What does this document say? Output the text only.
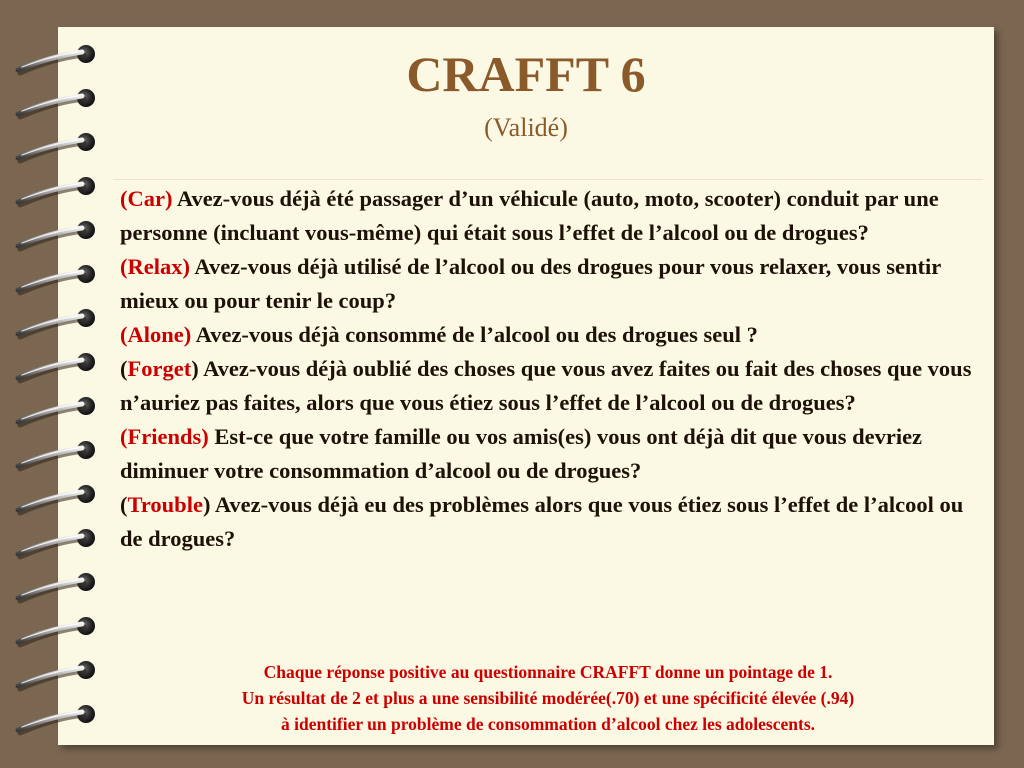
CRAFFT 6
(Validé)

(Car) Avez-vous déjà été passager d’un véhicule (auto, moto, scooter) conduit par une personne (incluant vous-même) qui était sous l’effet de l’alcool ou de drogues?

(Relax) Avez-vous déjà utilisé de l’alcool ou des drogues pour vous relaxer, vous sentir mieux ou pour tenir le coup?

(Alone) Avez-vous déjà consommé de l’alcool ou des drogues seul ?

(Forget) Avez-vous déjà oublié des choses que vous avez faites ou fait des choses que vous n’auriez pas faites, alors que vous étiez sous l’effet de l’alcool ou de drogues?

(Friends) Est-ce que votre famille ou vos amis(es) vous ont déjà dit que vous devriez diminuer votre consommation d’alcool ou de drogues?

(Trouble) Avez-vous déjà eu des problèmes alors que vous étiez sous l’effet de l’alcool ou de drogues?

Chaque réponse positive au questionnaire CRAFFT donne un pointage de 1.
Un résultat de 2 et plus a une sensibilité modérée(.70) et une spécificité élevée (.94)
à identifier un problème de consommation d’alcool chez les adolescents.
